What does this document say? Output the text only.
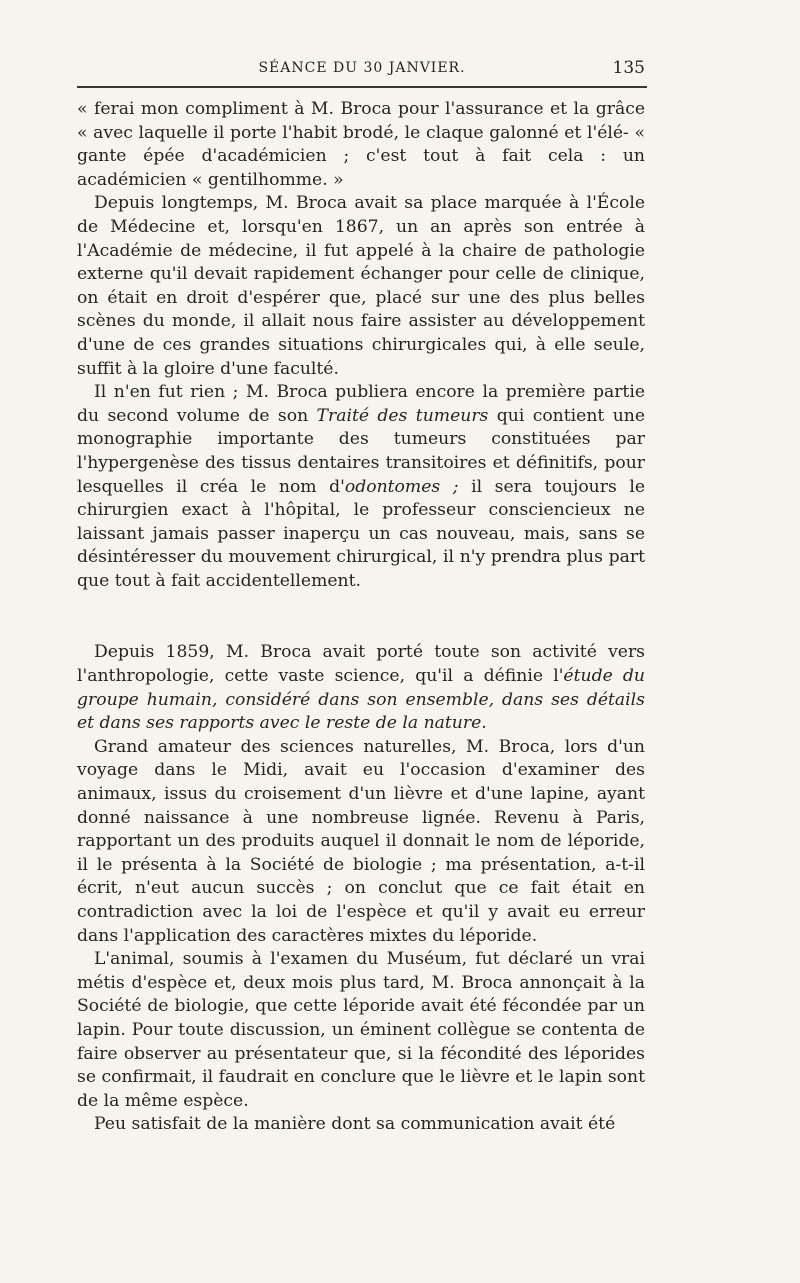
SÉANCE DU 30 JANVIER.	135

« ferai mon compliment à M. Broca pour l'assurance et la grâce « avec laquelle il porte l'habit brodé, le claque galonné et l'élé- « gante épée d'académicien ; c'est tout à fait cela : un académicien « gentilhomme. »

Depuis longtemps, M. Broca avait sa place marquée à l'École de Médecine et, lorsqu'en 1867, un an après son entrée à l'Académie de médecine, il fut appelé à la chaire de pathologie externe qu'il devait rapidement échanger pour celle de clinique, on était en droit d'espérer que, placé sur une des plus belles scènes du monde, il allait nous faire assister au développement d'une de ces grandes situations chirurgicales qui, à elle seule, suffit à la gloire d'une faculté.

Il n'en fut rien ; M. Broca publiera encore la première partie du second volume de son Traité des tumeurs qui contient une monographie importante des tumeurs constituées par l'hypergenèse des tissus dentaires transitoires et définitifs, pour lesquelles il créa le nom d'odontomes ; il sera toujours le chirurgien exact à l'hôpital, le professeur consciencieux ne laissant jamais passer inaperçu un cas nouveau, mais, sans se désintéresser du mouvement chirurgical, il n'y prendra plus part que tout à fait accidentellement.

Depuis 1859, M. Broca avait porté toute son activité vers l'anthropologie, cette vaste science, qu'il a définie l'étude du groupe humain, considéré dans son ensemble, dans ses détails et dans ses rapports avec le reste de la nature.

Grand amateur des sciences naturelles, M. Broca, lors d'un voyage dans le Midi, avait eu l'occasion d'examiner des animaux, issus du croisement d'un lièvre et d'une lapine, ayant donné naissance à une nombreuse lignée. Revenu à Paris, rapportant un des produits auquel il donnait le nom de léporide, il le présenta à la Société de biologie ; ma présentation, a-t-il écrit, n'eut aucun succès ; on conclut que ce fait était en contradiction avec la loi de l'espèce et qu'il y avait eu erreur dans l'application des caractères mixtes du léporide.

L'animal, soumis à l'examen du Muséum, fut déclaré un vrai métis d'espèce et, deux mois plus tard, M. Broca annonçait à la Société de biologie, que cette léporide avait été fécondée par un lapin. Pour toute discussion, un éminent collègue se contenta de faire observer au présentateur que, si la fécondité des léporides se confirmait, il faudrait en conclure que le lièvre et le lapin sont de la même espèce.

Peu satisfait de la manière dont sa communication avait été
